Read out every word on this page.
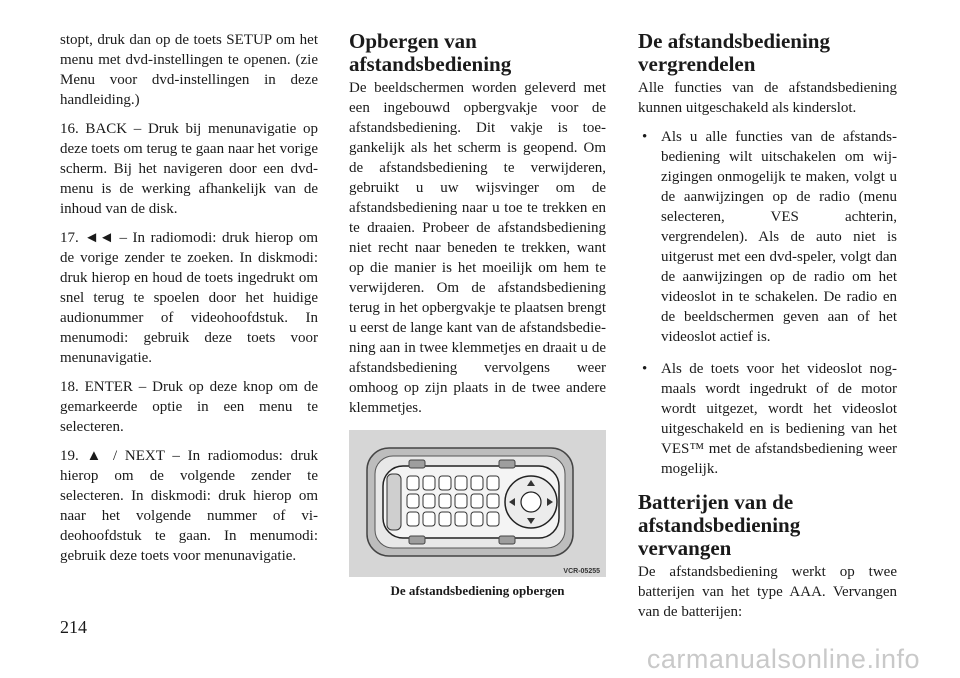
stopt, druk dan op de toets SETUP om het menu met dvd-instellingen te openen. (zie Menu voor dvd-instellingen in deze handleiding.)

16. BACK – Druk bij menunavigatie op deze toets om terug te gaan naar het vorige scherm. Bij het navigeren door een dvd-menu is de werking afhankelijk van de inhoud van de disk.

17. ◄◄ – In radiomodi: druk hierop om de vorige zender te zoeken. In diskmodi: druk hierop en houd de toets ingedrukt om snel terug te spoelen door het huidige audionummer of videohoofdstuk. In menumodi: gebruik deze toets voor menunavigatie.

18. ENTER – Druk op deze knop om de gemarkeerde optie in een menu te selecteren.

19. ▲ / NEXT – In radiomodus: druk hierop om de volgende zender te selecteren. In diskmodi: druk hierop om naar het volgende nummer of videohoofdstuk te gaan. In menumodi: gebruik deze toets voor menunavigatie.

Opbergen van afstandsbediening

De beeldschermen worden geleverd met een ingebouwd opbergvakje voor de afstandsbediening. Dit vakje is toegankelijk als het scherm is geopend. Om de afstandsbediening te verwijderen, gebruikt u uw wijsvinger om de afstandsbediening naar u toe te trekken en te draaien. Probeer de afstandsbediening niet recht naar beneden te trekken, want op die manier is het moeilijk om hem te verwijderen. Om de afstandsbediening terug in het opbergvakje te plaatsen brengt u eerst de lange kant van de afstandsbediening aan in twee klemmetjes en draait u de afstandsbediening vervolgens weer omhoog op zijn plaats in de twee andere klemmetjes.

VCR-05255
De afstandsbediening opbergen
De afstandsbediening vergrendelen

Alle functies van de afstandsbediening kunnen uitgeschakeld als kinderslot.

• Als u alle functies van de afstandsbediening wilt uitschakelen om wijzigingen onmogelijk te maken, volgt u de aanwijzingen op de radio (menu selecteren, VES achterin, vergrendelen). Als de auto niet is uitgerust met een dvd-speler, volgt dan de aanwijzingen op de radio om het videoslot in te schakelen. De radio en de beeldschermen geven aan of het videoslot actief is.
• Als de toets voor het videoslot nogmaals wordt ingedrukt of de motor wordt uitgezet, wordt het videoslot uitgeschakeld en is bediening van het VES™ met de afstandsbediening weer mogelijk.
Batterijen van de afstandsbediening vervangen

De afstandsbediening werkt op twee batterijen van het type AAA. Vervangen van de batterijen:

214
carmanualsonline.info
